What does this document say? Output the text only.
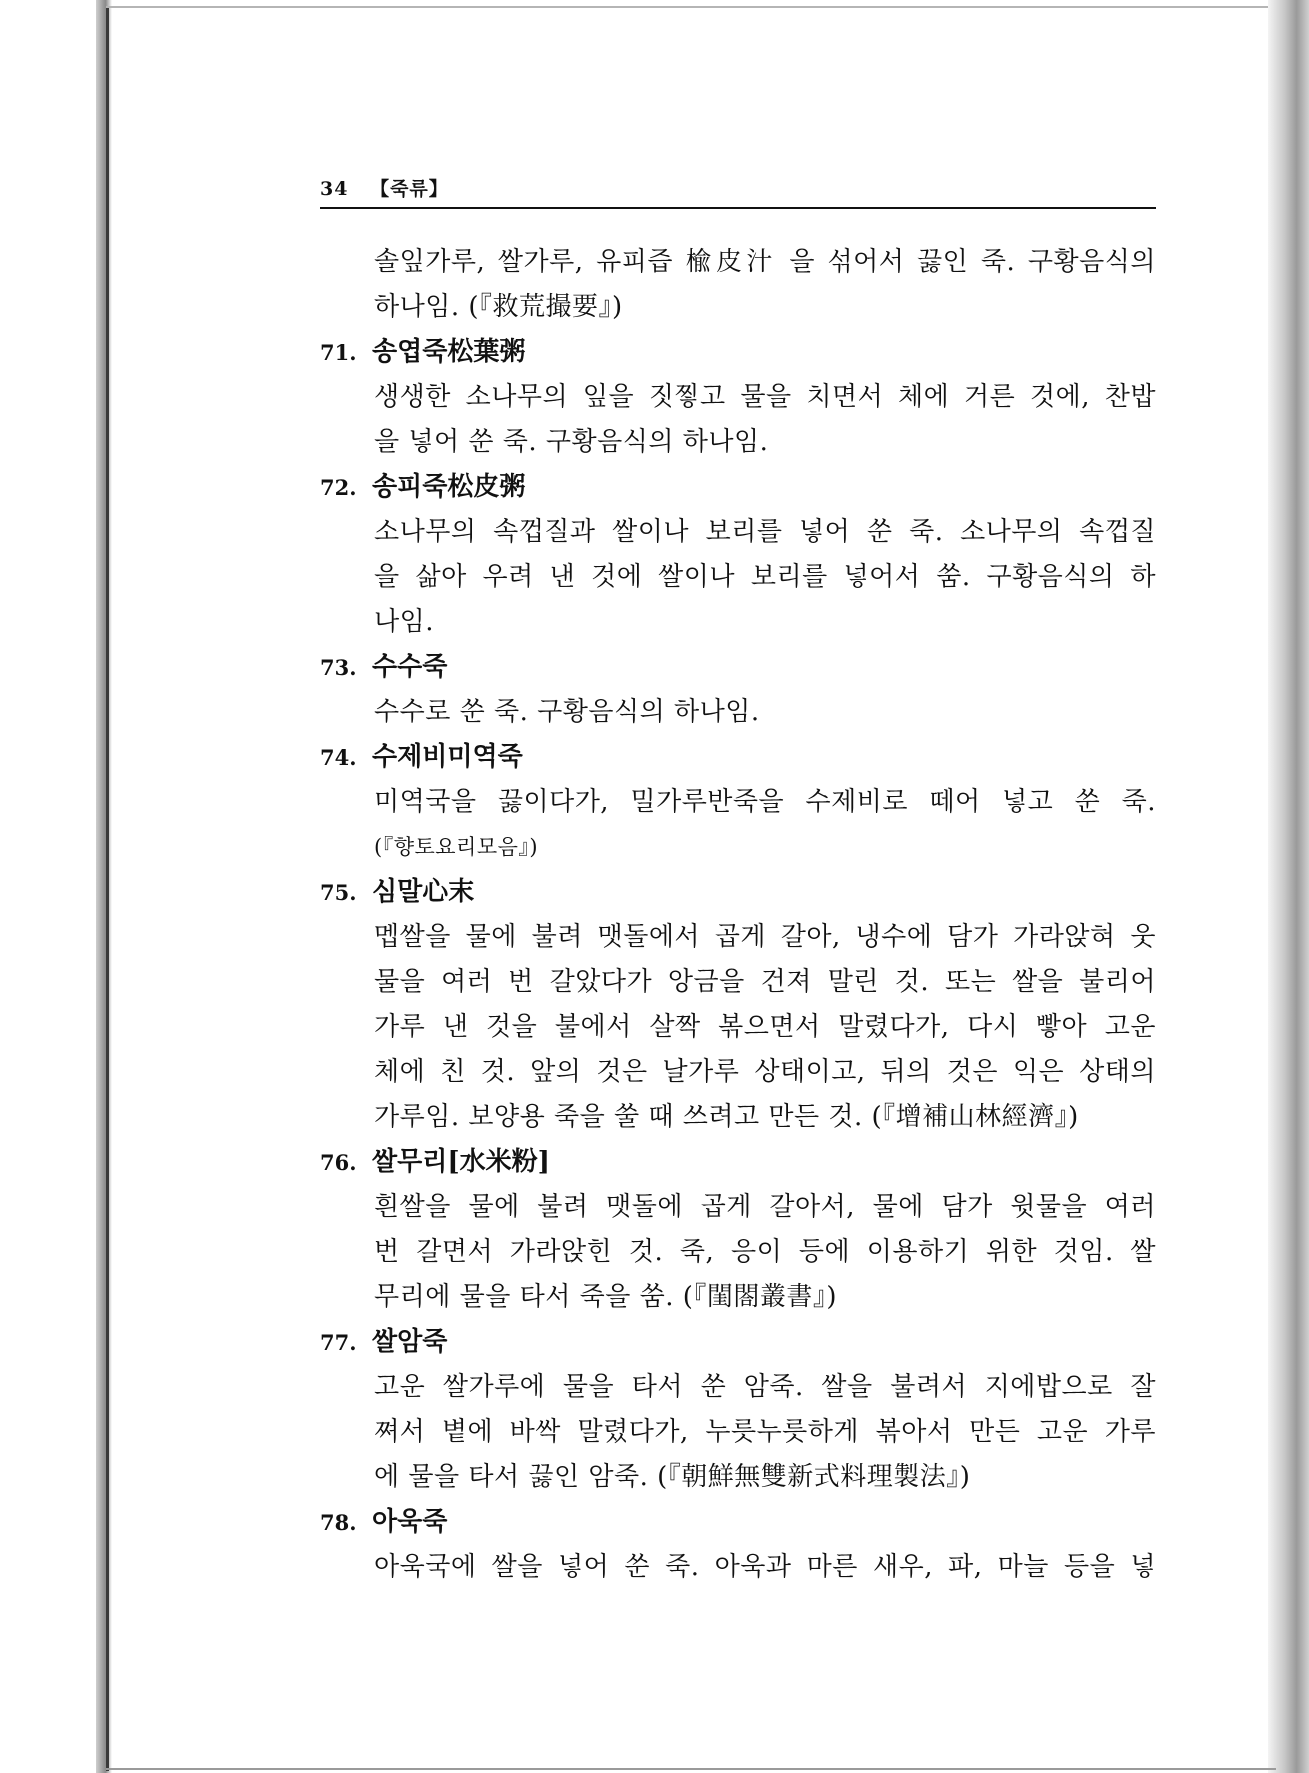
34 【죽류】
솔잎가루, 쌀가루, 유피즙 楡皮汁 을 섞어서 끓인 죽. 구황음식의
하나임. (『救荒撮要』)
71. 송엽죽松葉粥
생생한 소나무의 잎을 짓찧고 물을 치면서 체에 거른 것에, 찬밥
을 넣어 쑨 죽. 구황음식의 하나임.
72. 송피죽松皮粥
소나무의 속껍질과 쌀이나 보리를 넣어 쑨 죽. 소나무의 속껍질
을 삶아 우려 낸 것에 쌀이나 보리를 넣어서 쑴. 구황음식의 하
나임.
73. 수수죽
수수로 쑨 죽. 구황음식의 하나임.
74. 수제비미역죽
미역국을 끓이다가, 밀가루반죽을 수제비로 떼어 넣고 쑨 죽.
(『향토요리모음』)
75. 심말心末
멥쌀을 물에 불려 맷돌에서 곱게 갈아, 냉수에 담가 가라앉혀 웃
물을 여러 번 갈았다가 앙금을 건져 말린 것. 또는 쌀을 불리어
가루 낸 것을 불에서 살짝 볶으면서 말렸다가, 다시 빻아 고운
체에 친 것. 앞의 것은 날가루 상태이고, 뒤의 것은 익은 상태의
가루임. 보양용 죽을 쑬 때 쓰려고 만든 것. (『增補山林經濟』)
76. 쌀무리[水米粉]
흰쌀을 물에 불려 맷돌에 곱게 갈아서, 물에 담가 윗물을 여러
번 갈면서 가라앉힌 것. 죽, 응이 등에 이용하기 위한 것임. 쌀
무리에 물을 타서 죽을 쑴. (『閨閤叢書』)
77. 쌀암죽
고운 쌀가루에 물을 타서 쑨 암죽. 쌀을 불려서 지에밥으로 잘
쪄서 볕에 바싹 말렸다가, 누릇누릇하게 볶아서 만든 고운 가루
에 물을 타서 끓인 암죽. (『朝鮮無雙新式料理製法』)
78. 아욱죽
아욱국에 쌀을 넣어 쑨 죽. 아욱과 마른 새우, 파, 마늘 등을 넣
